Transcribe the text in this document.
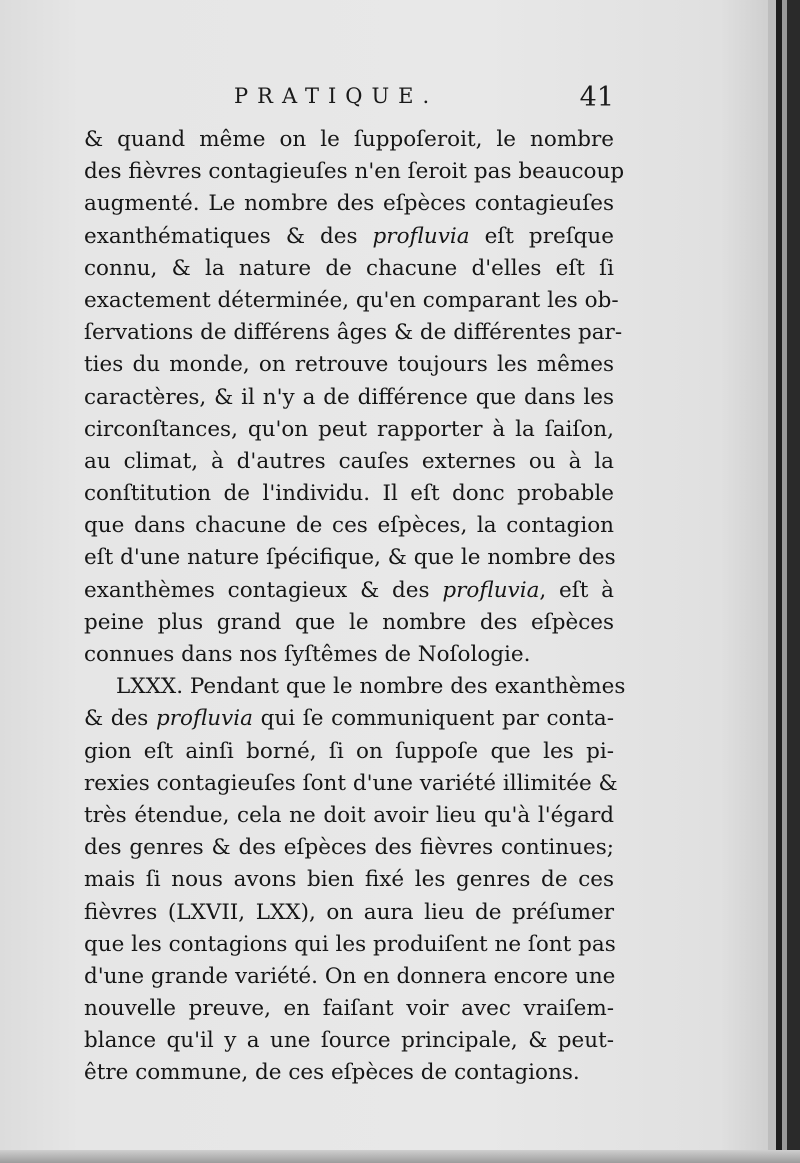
PRATIQUE.	41
& quand même on le ſuppoſeroit, le nombre
des fièvres contagieuſes n'en ſeroit pas beaucoup
augmenté. Le nombre des eſpèces contagieuſes
exanthématiques & des profluvia eſt preſque
connu, & la nature de chacune d'elles eſt ſi
exactement déterminée, qu'en comparant les ob-
ſervations de différens âges & de différentes par-
ties du monde, on retrouve toujours les mêmes
caractères, & il n'y a de différence que dans les
circonſtances, qu'on peut rapporter à la ſaiſon,
au climat, à d'autres cauſes externes ou à la
conſtitution de l'individu. Il eſt donc probable
que dans chacune de ces eſpèces, la contagion
eſt d'une nature ſpécifique, & que le nombre des
exanthèmes contagieux & des profluvia, eſt à
peine plus grand que le nombre des eſpèces
connues dans nos ſyſtêmes de Noſologie.
LXXX. Pendant que le nombre des exanthèmes
& des profluvia qui ſe communiquent par conta-
gion eſt ainſi borné, ſi on ſuppoſe que les pi-
rexies contagieuſes ſont d'une variété illimitée &
très étendue, cela ne doit avoir lieu qu'à l'égard
des genres & des eſpèces des fièvres continues;
mais ſi nous avons bien fixé les genres de ces
fièvres (LXVII, LXX), on aura lieu de préſumer
que les contagions qui les produiſent ne ſont pas
d'une grande variété. On en donnera encore une
nouvelle preuve, en faiſant voir avec vraiſem-
blance qu'il y a une ſource principale, & peut-
être commune, de ces eſpèces de contagions.
